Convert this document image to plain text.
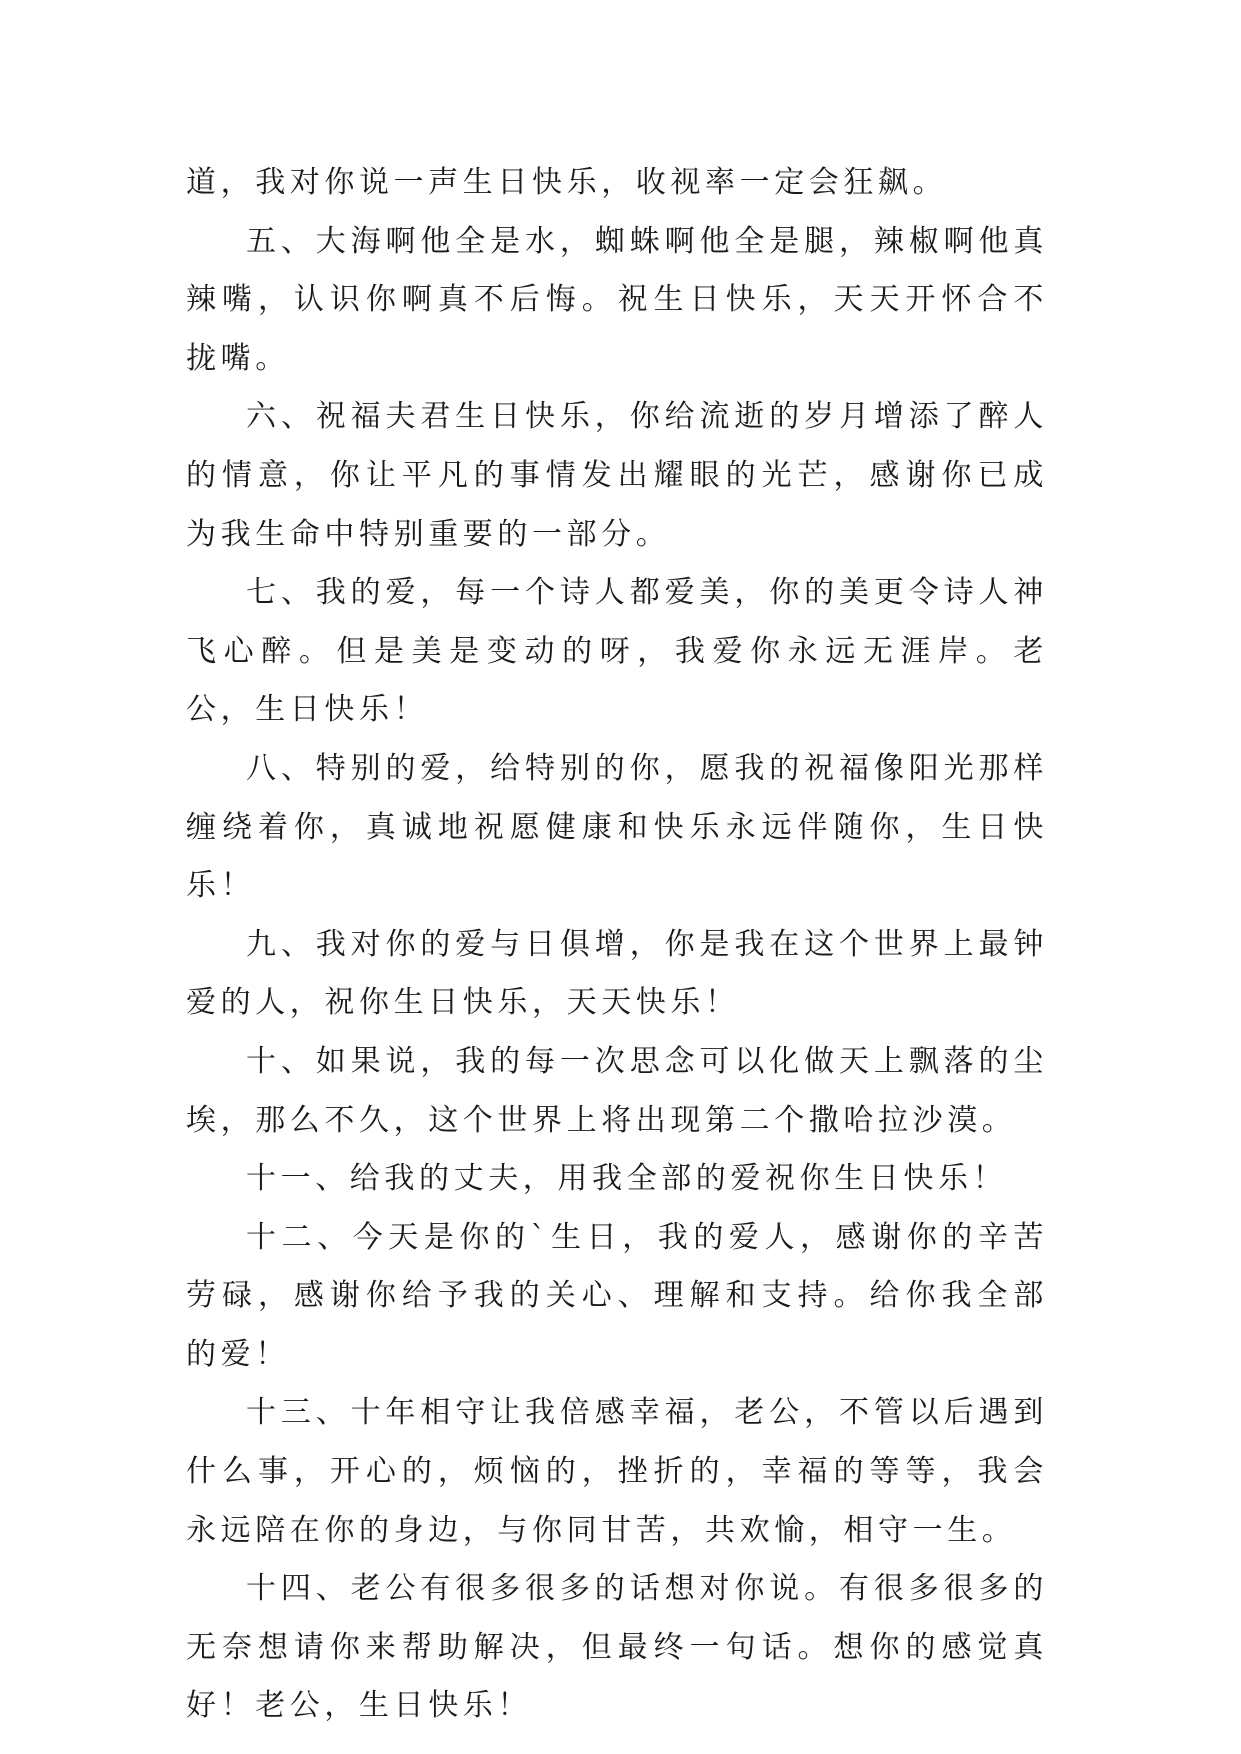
道，我对你说一声生日快乐，收视率一定会狂飙。

五、大海啊他全是水，蜘蛛啊他全是腿，辣椒啊他真辣嘴，认识你啊真不后悔。祝生日快乐，天天开怀合不拢嘴。

六、祝福夫君生日快乐，你给流逝的岁月增添了醉人的情意，你让平凡的事情发出耀眼的光芒，感谢你已成为我生命中特别重要的一部分。

七、我的爱，每一个诗人都爱美，你的美更令诗人神飞心醉。但是美是变动的呀，我爱你永远无涯岸。老公，生日快乐！

八、特别的爱，给特别的你，愿我的祝福像阳光那样缠绕着你，真诚地祝愿健康和快乐永远伴随你，生日快乐！

九、我对你的爱与日俱增，你是我在这个世界上最钟爱的人，祝你生日快乐，天天快乐！

十、如果说，我的每一次思念可以化做天上飘落的尘埃，那么不久，这个世界上将出现第二个撒哈拉沙漠。

十一、给我的丈夫，用我全部的爱祝你生日快乐！

十二、今天是你的`生日，我的爱人，感谢你的辛苦劳碌，感谢你给予我的关心、理解和支持。给你我全部的爱！

十三、十年相守让我倍感幸福，老公，不管以后遇到什么事，开心的，烦恼的，挫折的，幸福的等等，我会永远陪在你的身边，与你同甘苦，共欢愉，相守一生。

十四、老公有很多很多的话想对你说。有很多很多的无奈想请你来帮助解决，但最终一句话。想你的感觉真好！老公，生日快乐！
